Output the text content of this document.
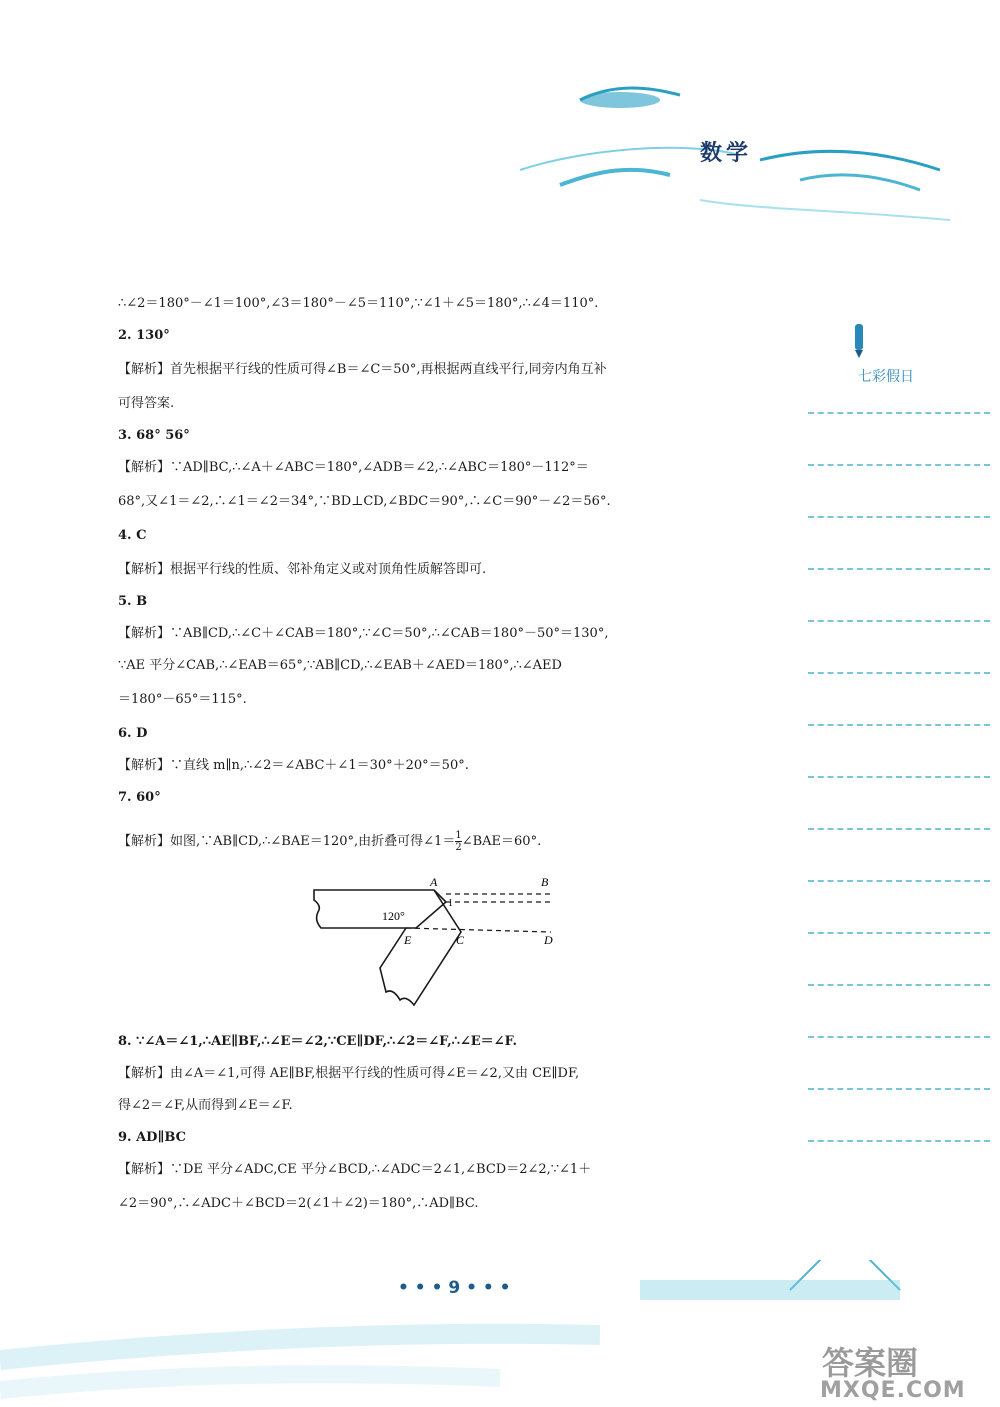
数学
七彩假日
∴∠2＝180°－∠1＝100°,∠3＝180°－∠5＝110°,∵∠1＋∠5＝180°,∴∠4＝110°.
2. 130°
【解析】首先根据平行线的性质可得∠B＝∠C＝50°,再根据两直线平行,同旁内角互补
可得答案.
3. 68° 56°
【解析】∵AD∥BC,∴∠A＋∠ABC＝180°,∠ADB＝∠2,∴∠ABC＝180°－112°＝
68°,又∠1＝∠2,∴∠1＝∠2＝34°,∵BD⊥CD,∠BDC＝90°,∴∠C＝90°－∠2＝56°.
4. C
【解析】根据平行线的性质、邻补角定义或对顶角性质解答即可.
5. B
【解析】∵AB∥CD,∴∠C＋∠CAB＝180°,∵∠C＝50°,∴∠CAB＝180°－50°＝130°,
∵AE 平分∠CAB,∴∠EAB＝65°,∵AB∥CD,∴∠EAB＋∠AED＝180°,∴∠AED
＝180°－65°＝115°.
6. D
【解析】∵直线 m∥n,∴∠2＝∠ABC＋∠1＝30°＋20°＝50°.
7. 60°
【解析】如图,∵AB∥CD,∴∠BAE＝120°,由折叠可得$\angle 1=\frac{1}{2}$ ∠BAE＝60°.
A	B
C	D
E
1
120°
8. ∵∠A＝∠1,∴AE∥BF,∴∠E＝∠2,∵CE∥DF,∴∠2＝∠F,∴∠E＝∠F.
【解析】由∠A＝∠1,可得 AE∥BF,根据平行线的性质可得∠E＝∠2,又由 CE∥DF,
得∠2＝∠F,从而得到∠E＝∠F.
9. AD∥BC
【解析】∵DE 平分∠ADC,CE 平分∠BCD,∴∠ADC＝2∠1,∠BCD＝2∠2,∵∠1＋
∠2＝90°,∴∠ADC＋∠BCD＝2(∠1＋∠2)＝180°,∴AD∥BC.
• • • 9 • • •
答案圈
MXQE.COM
